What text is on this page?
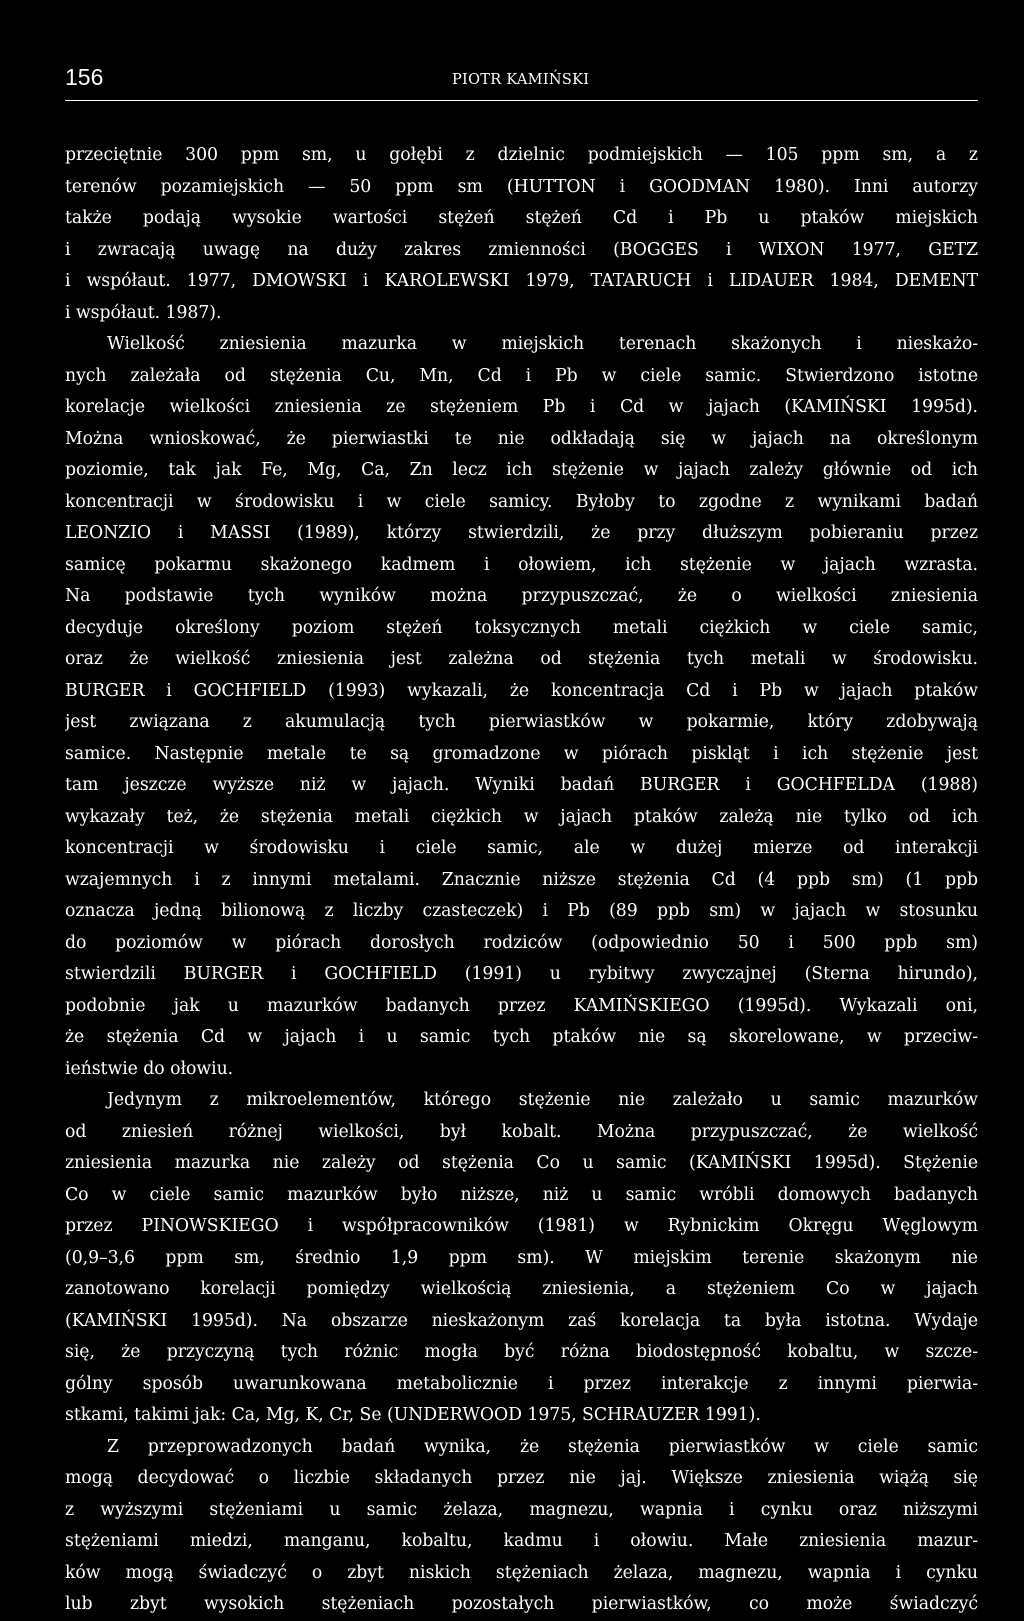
156	PIOTR KAMIŃSKI
przeciętnie 300 ppm sm, u gołębi z dzielnic podmiejskich — 105 ppm sm, a z
terenów pozamiejskich — 50 ppm sm (HUTTON i GOODMAN 1980). Inni autorzy
także podają wysokie wartości stężeń stężeń Cd i Pb u ptaków miejskich
i zwracają uwagę na duży zakres zmienności (BOGGES i WIXON 1977, GETZ
i współaut. 1977, DMOWSKI i KAROLEWSKI 1979, TATARUCH i LIDAUER 1984, DEMENT
i współaut. 1987).
Wielkość zniesienia mazurka w miejskich terenach skażonych i nieskażo-
nych zależała od stężenia Cu, Mn, Cd i Pb w ciele samic. Stwierdzono istotne
korelacje wielkości zniesienia ze stężeniem Pb i Cd w jajach (KAMIŃSKI 1995d).
Można wnioskować, że pierwiastki te nie odkładają się w jajach na określonym
poziomie, tak jak Fe, Mg, Ca, Zn lecz ich stężenie w jajach zależy głównie od ich
koncentracji w środowisku i w ciele samicy. Byłoby to zgodne z wynikami badań
LEONZIO i MASSI (1989), którzy stwierdzili, że przy dłuższym pobieraniu przez
samicę pokarmu skażonego kadmem i ołowiem, ich stężenie w jajach wzrasta.
Na podstawie tych wyników można przypuszczać, że o wielkości zniesienia
decyduje określony poziom stężeń toksycznych metali ciężkich w ciele samic,
oraz że wielkość zniesienia jest zależna od stężenia tych metali w środowisku.
BURGER i GOCHFIELD (1993) wykazali, że koncentracja Cd i Pb w jajach ptaków
jest związana z akumulacją tych pierwiastków w pokarmie, który zdobywają
samice. Następnie metale te są gromadzone w piórach piskląt i ich stężenie jest
tam jeszcze wyższe niż w jajach. Wyniki badań BURGER i GOCHFELDA (1988)
wykazały też, że stężenia metali ciężkich w jajach ptaków zależą nie tylko od ich
koncentracji w środowisku i ciele samic, ale w dużej mierze od interakcji
wzajemnych i z innymi metalami. Znacznie niższe stężenia Cd (4 ppb sm) (1 ppb
oznacza jedną bilionową z liczby czasteczek) i Pb (89 ppb sm) w jajach w stosunku
do poziomów w piórach dorosłych rodziców (odpowiednio 50 i 500 ppb sm)
stwierdzili BURGER i GOCHFIELD (1991) u rybitwy zwyczajnej (Sterna hirundo),
podobnie jak u mazurków badanych przez KAMIŃSKIEGO (1995d). Wykazali oni,
że stężenia Cd w jajach i u samic tych ptaków nie są skorelowane, w przeciw-
ieństwie do ołowiu.
Jedynym z mikroelementów, którego stężenie nie zależało u samic mazurków
od zniesień różnej wielkości, był kobalt. Można przypuszczać, że wielkość
zniesienia mazurka nie zależy od stężenia Co u samic (KAMIŃSKI 1995d). Stężenie
Co w ciele samic mazurków było niższe, niż u samic wróbli domowych badanych
przez PINOWSKIEGO i współpracowników (1981) w Rybnickim Okręgu Węglowym
(0,9–3,6 ppm sm, średnio 1,9 ppm sm). W miejskim terenie skażonym nie
zanotowano korelacji pomiędzy wielkością zniesienia, a stężeniem Co w jajach
(KAMIŃSKI 1995d). Na obszarze nieskażonym zaś korelacja ta była istotna. Wydaje
się, że przyczyną tych różnic mogła być różna biodostępność kobaltu, w szcze-
gólny sposób uwarunkowana metabolicznie i przez interakcje z innymi pierwia-
stkami, takimi jak: Ca, Mg, K, Cr, Se (UNDERWOOD 1975, SCHRAUZER 1991).
Z przeprowadzonych badań wynika, że stężenia pierwiastków w ciele samic
mogą decydować o liczbie składanych przez nie jaj. Większe zniesienia wiążą się
z wyższymi stężeniami u samic żelaza, magnezu, wapnia i cynku oraz niższymi
stężeniami miedzi, manganu, kobaltu, kadmu i ołowiu. Małe zniesienia mazur-
ków mogą świadczyć o zbyt niskich stężeniach żelaza, magnezu, wapnia i cynku
lub zbyt wysokich stężeniach pozostałych pierwiastków, co może świadczyć
